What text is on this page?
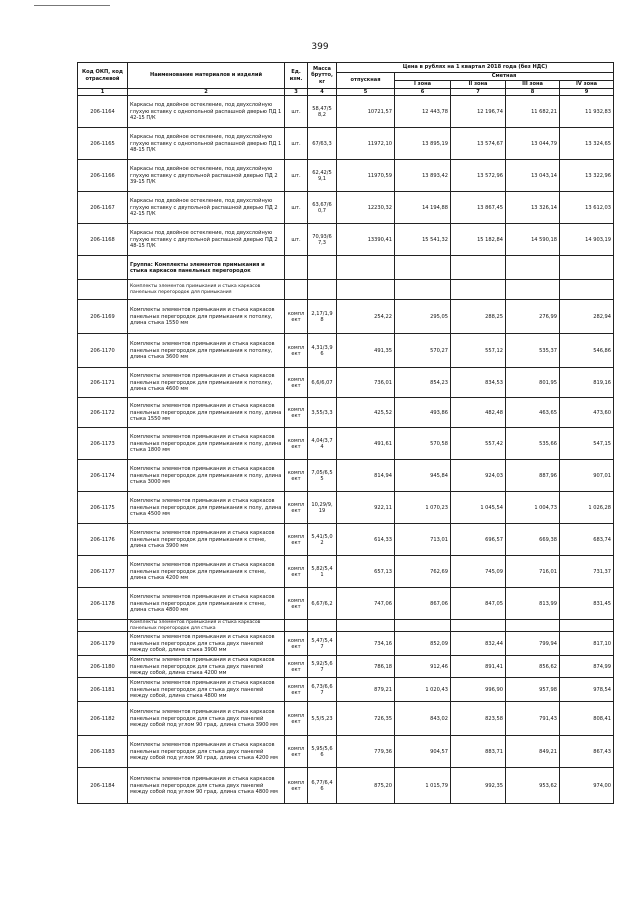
399
Код ОКП, код отраслевой	Наименование материалов и изделий	Ед. изм.	Масса брутто, кг	Цена в рублях на 1 квартал 2018 года (без НДС)				
				отпускная	Сметная			
					I зона	II зона	III зона	IV зона
1	2	3	4	5	6	7	8	9
206-1164	Каркасы под двойное остекление, под двухслойную глухую вставку с однопольной распашной дверью ПД 1 42-15 П/К	шт.	58,47/5 8,2	10721,57	12 443,78	12 196,74	11 682,21	11 932,83
206-1165	Каркасы под двойное остекление, под двухслойную глухую вставку с однопольной распашной дверью ПД 1 48-15 П/К	шт.	67/63,3	11972,10	13 895,19	13 574,67	13 044,79	13 324,65
206-1166	Каркасы под двойное остекление, под двухслойную глухую вставку с двупольной распашной дверью ПД 2 39-15 П/К	шт.	62,42/5 9,1	11970,59	13 893,42	13 572,96	13 043,14	13 322,96
206-1167	Каркасы под двойное остекление, под двухслойную глухую вставку с двупольной распашной дверью ПД 2 42-15 П/К	шт.	63,67/6 0,7	12230,32	14 194,88	13 867,45	13 326,14	13 612,03
206-1168	Каркасы под двойное остекление, под двухслойную глухую вставку с двупольной распашной дверью ПД 2 48-15 П/К	шт.	70,93/6 7,3	13390,41	15 541,32	15 182,84	14 590,18	14 903,19
	Группа: Комплекты элементов примыкания и стыка каркасов панельных перегородок							
	Комплекты элементов примыкания и стыка каркасов панельных перегородок для примыкания							
206-1169	Комплекты элементов примыкания и стыка каркасов панельных перегородок для примыкания к потолку, длина стыка 1550 мм	компл ект	2,17/1,9 8	254,22	295,05	288,25	276,99	282,94
206-1170	Комплекты элементов примыкания и стыка каркасов панельных перегородок для примыкания к потолку, длина стыка 3600 мм	компл ект	4,31/3,9 6	491,35	570,27	557,12	535,37	546,86
206-1171	Комплекты элементов примыкания и стыка каркасов панельных перегородок для примыкания к потолку, длина стыка 4600 мм	компл ект	6,6/6,07	736,01	854,23	834,53	801,95	819,16
206-1172	Комплекты элементов примыкания и стыка каркасов панельных перегородок для примыкания к полу, длина стыка 1550 мм	компл ект	3,55/3,3	425,52	493,86	482,48	463,65	473,60
206-1173	Комплекты элементов примыкания и стыка каркасов панельных перегородок для примыкания к полу, длина стыка 1800 мм	компл ект	4,04/3,7 4	491,61	570,58	557,42	535,66	547,15
206-1174	Комплекты элементов примыкания и стыка каркасов панельных перегородок для примыкания к полу, длина стыка 3000 мм	компл ект	7,05/6,5 5	814,94	945,84	924,03	887,96	907,01
206-1175	Комплекты элементов примыкания и стыка каркасов панельных перегородок для примыкания к полу, длина стыка 4500 мм	компл ект	10,29/9, 19	922,11	1 070,23	1 045,54	1 004,73	1 026,28
206-1176	Комплекты элементов примыкания и стыка каркасов панельных перегородок для примыкания к стене, длина стыка 3900 мм	компл ект	5,41/5,0 2	614,33	713,01	696,57	669,38	683,74
206-1177	Комплекты элементов примыкания и стыка каркасов панельных перегородок для примыкания к стене, длина стыка 4200 мм	компл ект	5,82/5,4 1	657,13	762,69	745,09	716,01	731,37
206-1178	Комплекты элементов примыкания и стыка каркасов панельных перегородок для примыкания к стене, длина стыка 4800 мм	компл ект	6,67/6,2	747,06	867,06	847,05	813,99	831,45
	Комплекты элементов примыкания и стыка каркасов панельных перегородок для стыка							
206-1179	Комплекты элементов примыкания и стыка каркасов панельных перегородок для стыка двух панелей между собой, длина стыка 3900 мм	компл ект	5,47/5,4 7	734,16	852,09	832,44	799,94	817,10
206-1180	Комплекты элементов примыкания и стыка каркасов панельных перегородок для стыка двух панелей между собой, длина стыка 4200 мм	компл ект	5,92/5,6 7	786,18	912,46	891,41	856,62	874,99
206-1181	Комплекты элементов примыкания и стыка каркасов панельных перегородок для стыка двух панелей между собой, длина стыка 4800 мм	компл ект	6,73/6,6 7	879,21	1 020,43	996,90	957,98	978,54
206-1182	Комплекты элементов примыкания и стыка каркасов панельных перегородок для стыка двух панелей между собой под углом 90 град. длина стыка 3900 мм	компл ект	5,5/5,23	726,35	843,02	823,58	791,43	808,41
206-1183	Комплекты элементов примыкания и стыка каркасов панельных перегородок для стыка двух панелей между собой под углом 90 град. длина стыка 4200 мм	компл ект	5,95/5,6 6	779,36	904,57	883,71	849,21	867,43
206-1184	Комплекты элементов примыкания и стыка каркасов панельных перегородок для стыка двух панелей между собой под углом 90 град. длина стыка 4800 мм	компл ект	6,77/6,4 6	875,20	1 015,79	992,35	953,62	974,00
